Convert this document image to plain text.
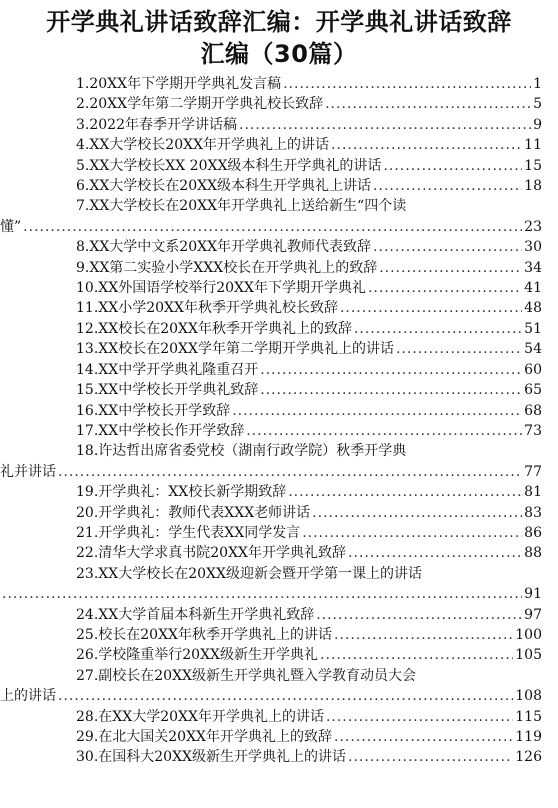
开学典礼讲话致辞汇编：开学典礼讲话致辞
汇编（30篇）
1.20XX年下学期开学典礼发言稿 .....	1
2.20XX学年第二学期开学典礼校长致辞 .....	5
3.2022年春季开学讲话稿 .....	9
4.XX大学校长20XX年开学典礼上的讲话 .....	11
5.XX大学校长XX 20XX级本科生开学典礼的讲话 .....	15
6.XX大学校长在20XX级本科生开学典礼上讲话 .....	18
7.XX大学校长在20XX年开学典礼上送给新生“四个读
懂” .....	23
8.XX大学中文系20XX年开学典礼教师代表致辞 .....	30
9.XX第二实验小学XXX校长在开学典礼上的致辞 .....	34
10.XX外国语学校举行20XX年下学期开学典礼 .....	41
11.XX小学20XX年秋季开学典礼校长致辞 .....	48
12.XX校长在20XX年秋季开学典礼上的致辞 .....	51
13.XX校长在20XX学年第二学期开学典礼上的讲话 .....	54
14.XX中学开学典礼隆重召开 .....	60
15.XX中学校长开学典礼致辞 .....	65
16.XX中学校长开学致辞 .....	68
17.XX中学校长作开学致辞 .....	73
18.许达哲出席省委党校（湖南行政学院）秋季开学典
礼并讲话 .....	77
19.开学典礼：XX校长新学期致辞 .....	81
20.开学典礼：教师代表XXX老师讲话 .....	83
21.开学典礼：学生代表XX同学发言 .....	86
22.清华大学求真书院20XX年开学典礼致辞 .....	88
23.XX大学校长在20XX级迎新会暨开学第一课上的讲话
.....
91
24.XX大学首届本科新生开学典礼致辞 .....	97
25.校长在20XX年秋季开学典礼上的讲话 .....	100
26.学校隆重举行20XX级新生开学典礼 .....	105
27.副校长在20XX级新生开学典礼暨入学教育动员大会
上的讲话 .....	108
28.在XX大学20XX年开学典礼上的讲话 .....	115
29.在北大国关20XX年开学典礼上的致辞 .....	119
30.在国科大20XX级新生开学典礼上的讲话 .....	126
